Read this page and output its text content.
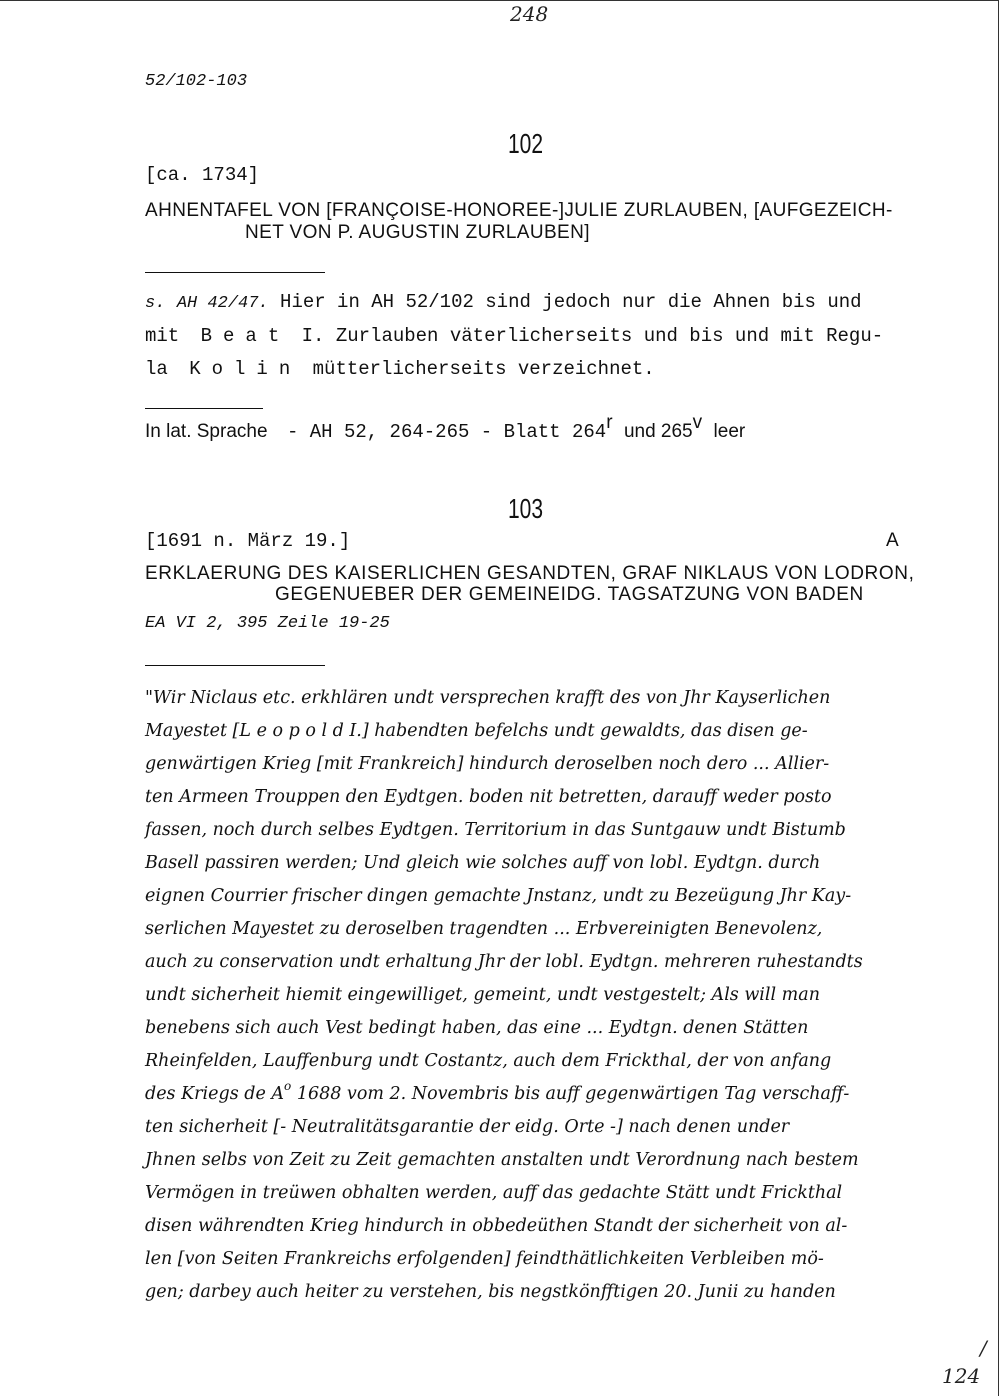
248
52/102-103
102
[ca. 1734]
AHNENTAFEL VON [FRANÇOISE-HONOREE-]JULIE ZURLAUBEN, [AUFGEZEICH-
NET VON P. AUGUSTIN ZURLAUBEN]
s. AH 42/47. Hier in AH 52/102 sind jedoch nur die Ahnen bis und
mit Beat I. Zurlauben väterlicherseits und bis und mit Regu-
la Kolin mütterlicherseits verzeichnet.
In lat. Sprache - AH 52, 264-265 - Blatt 264$^r$ und 265$^v$ leer
103
[1691 n. März 19.]	A
ERKLAERUNG DES KAISERLICHEN GESANDTEN, GRAF NIKLAUS VON LODRON,
GEGENUEBER DER GEMEINEIDG. TAGSATZUNG VON BADEN
EA VI 2, 395 Zeile 19-25
"Wir Niclaus etc. erkhlären undt versprechen krafft des von Jhr Kayserlichen
Mayestet [L e o p o l d I.] habendten befelchs undt gewaldts, das disen ge-
genwärtigen Krieg [mit Frankreich] hindurch deroselben noch dero ... Allier-
ten Armeen Trouppen den Eydtgen. boden nit betretten, darauff weder posto
fassen, noch durch selbes Eydtgen. Territorium in das Suntgauw undt Bistumb
Basell passiren werden; Und gleich wie solches auff von lobl. Eydtgn. durch
eignen Courrier frischer dingen gemachte Jnstanz, undt zu Bezeügung Jhr Kay-
serlichen Mayestet zu deroselben tragendten ... Erbvereinigten Benevolenz,
auch zu conservation undt erhaltung Jhr der lobl. Eydtgn. mehreren ruhestandts
undt sicherheit hiemit eingewilliget, gemeint, undt vestgestelt; Als will man
benebens sich auch Vest bedingt haben, das eine ... Eydtgn. denen Stätten
Rheinfelden, Lauffenburg undt Costantz, auch dem Frickthal, der von anfang
des Kriegs de $A^o$ 1688 vom 2. Novembris bis auff gegenwärtigen Tag verschaff-
ten sicherheit [- Neutralitätsgarantie der eidg. Orte -] nach denen under
Jhnen selbs von Zeit zu Zeit gemachten anstalten undt Verordnung nach bestem
Vermögen in treüwen obhalten werden, auff das gedachte Stätt undt Frickthal
disen währendten Krieg hindurch in obbedeüthen Standt der sicherheit von al-
len [von Seiten Frankreichs erfolgenden] feindthätlichkeiten Verbleiben mö-
gen; darbey auch heiter zu verstehen, bis negstkönfftigen 20. Junii zu handen
/
124
